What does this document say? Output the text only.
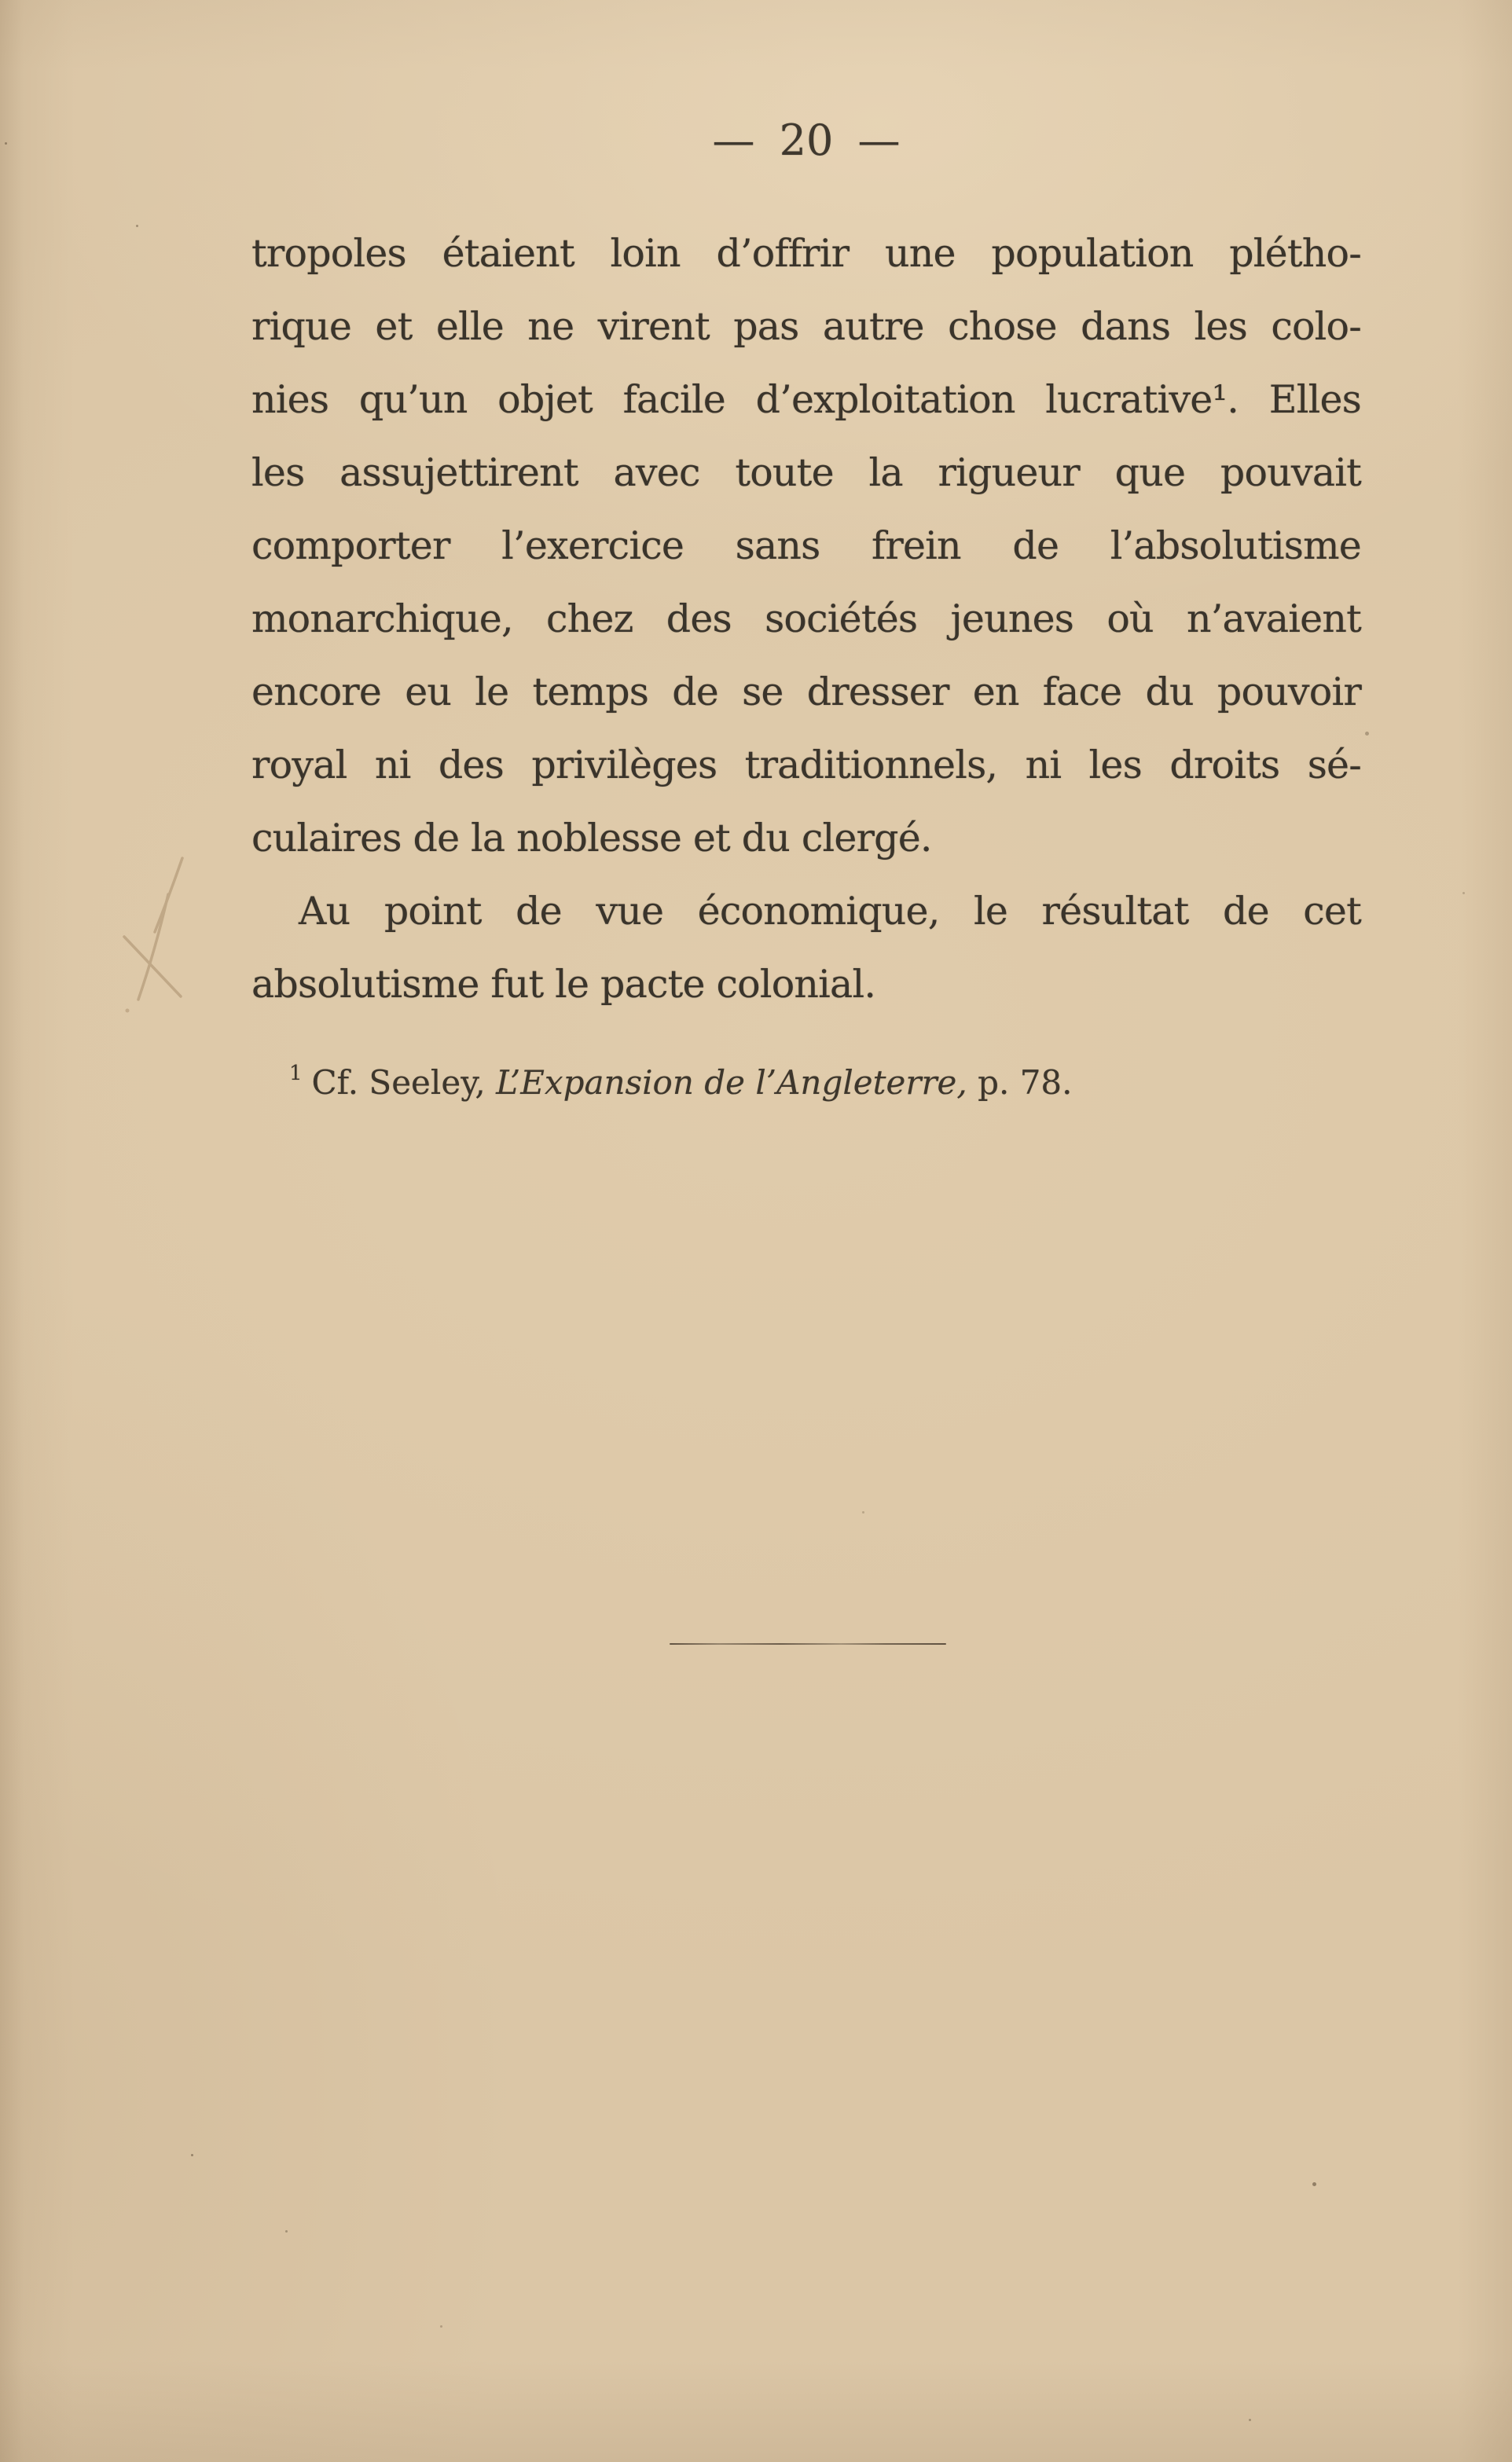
— 20 —
tropoles étaient loin d’offrir une population plétho-
rique et elle ne virent pas autre chose dans les colo-
nies qu’un objet facile d’exploitation lucrative¹. Elles
les assujettirent avec toute la rigueur que pouvait
comporter l’exercice sans frein de l’absolutisme
monarchique, chez des sociétés jeunes où n’avaient
encore eu le temps de se dresser en face du pouvoir
royal ni des privilèges traditionnels, ni les droits sé-
culaires de la noblesse et du clergé.
Au point de vue économique, le résultat de cet
absolutisme fut le pacte colonial.
$^1$ Cf. Seeley, L’Expansion de l’Angleterre, p. 78.
